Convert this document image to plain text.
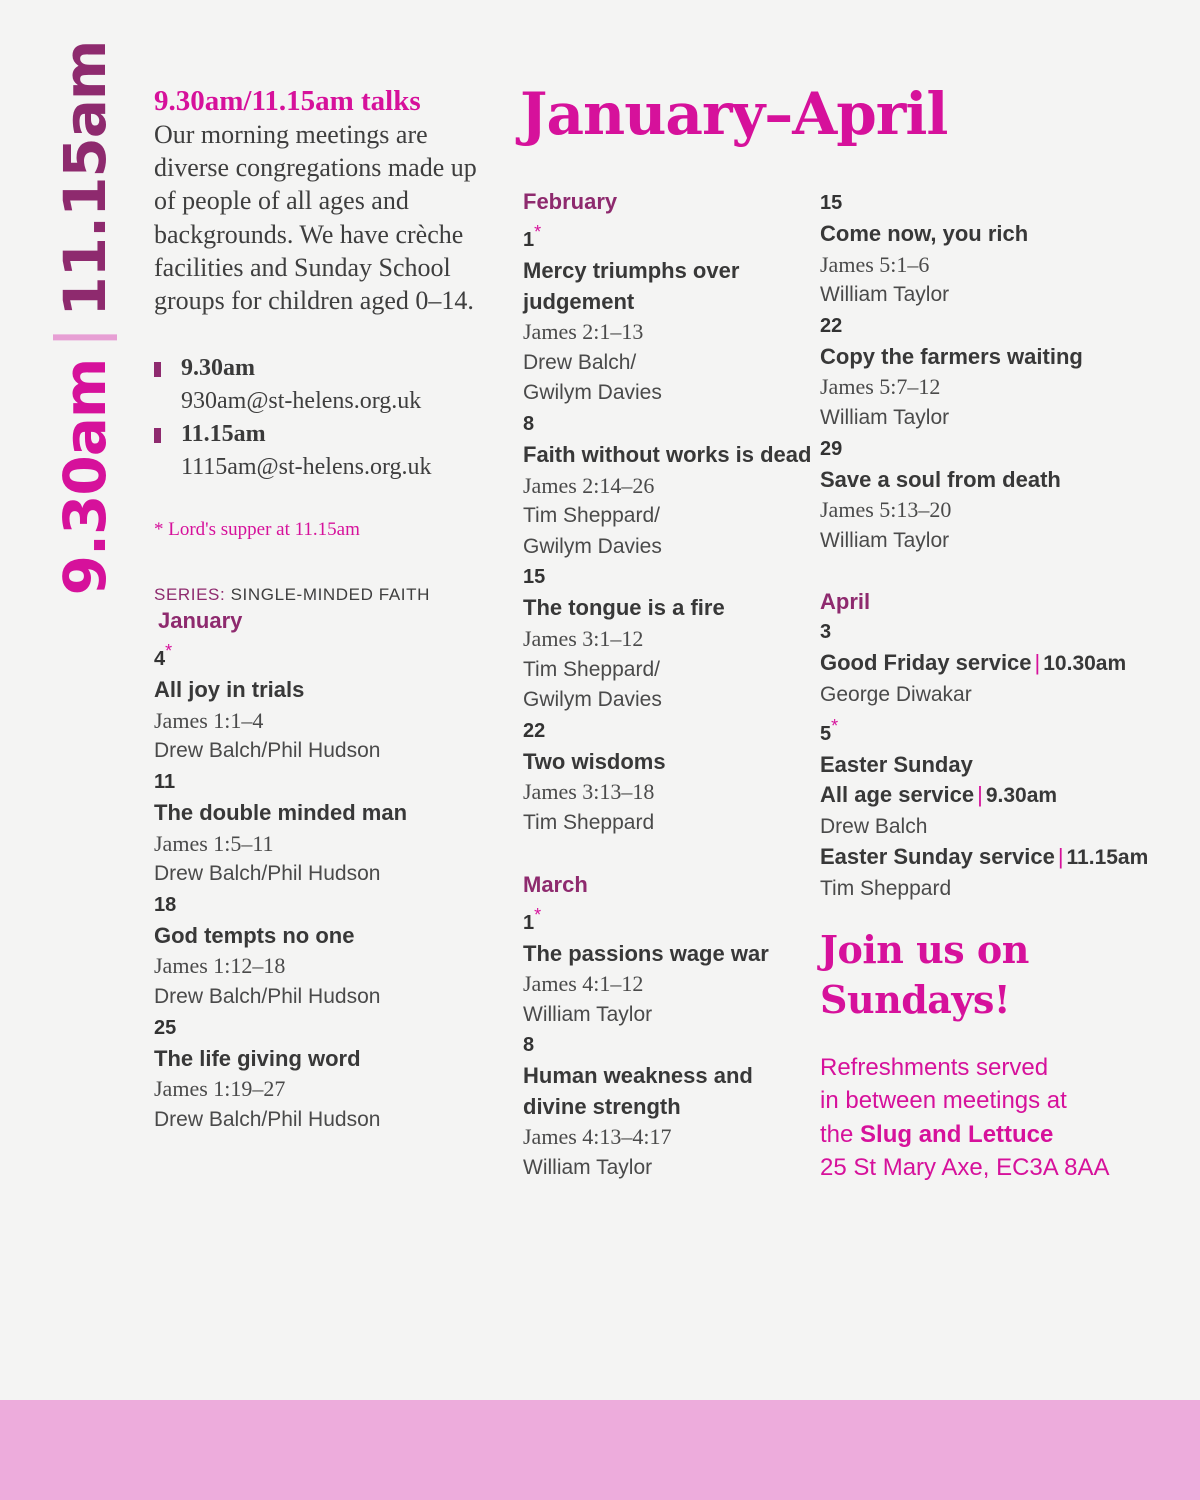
9.30am
11.15am 9.30am/11.15am talks
Our morning meetings are diverse congregations made up of people of all ages and backgrounds. We have crèche facilities and Sunday School groups for children aged 0–14.
9.30am
930am@st-helens.org.uk
11.15am
1115am@st-helens.org.uk
* Lord's supper at 11.15am
SERIES: SINGLE-MINDED FAITH
January
4*
All joy in trials
James 1:1–4
Drew Balch/Phil Hudson
11
The double minded man
James 1:5–11
Drew Balch/Phil Hudson
18
God tempts no one
James 1:12–18
Drew Balch/Phil Hudson
25
The life giving word
James 1:19–27
Drew Balch/Phil Hudson
January–April
February
1*
Mercy triumphs over
judgement
James 2:1–13
Drew Balch/
Gwilym Davies
8
Faith without works is dead
James 2:14–26
Tim Sheppard/
Gwilym Davies
15
The tongue is a fire
James 3:1–12
Tim Sheppard/
Gwilym Davies
22
Two wisdoms
James 3:13–18
Tim Sheppard
March
1*
The passions wage war
James 4:1–12
William Taylor
8
Human weakness and
divine strength
James 4:13–4:17
William Taylor
15
Come now, you rich
James 5:1–6
William Taylor
22
Copy the farmers waiting
James 5:7–12
William Taylor
29
Save a soul from death
James 5:13–20
William Taylor
April
3
Good Friday service | 10.30am
George Diwakar
5*
Easter Sunday
All age service | 9.30am
Drew Balch
Easter Sunday service | 11.15am
Tim Sheppard
Join us on
Sundays!
Refreshments served
in between meetings at
the Slug and Lettuce
25 St Mary Axe, EC3A 8AA
